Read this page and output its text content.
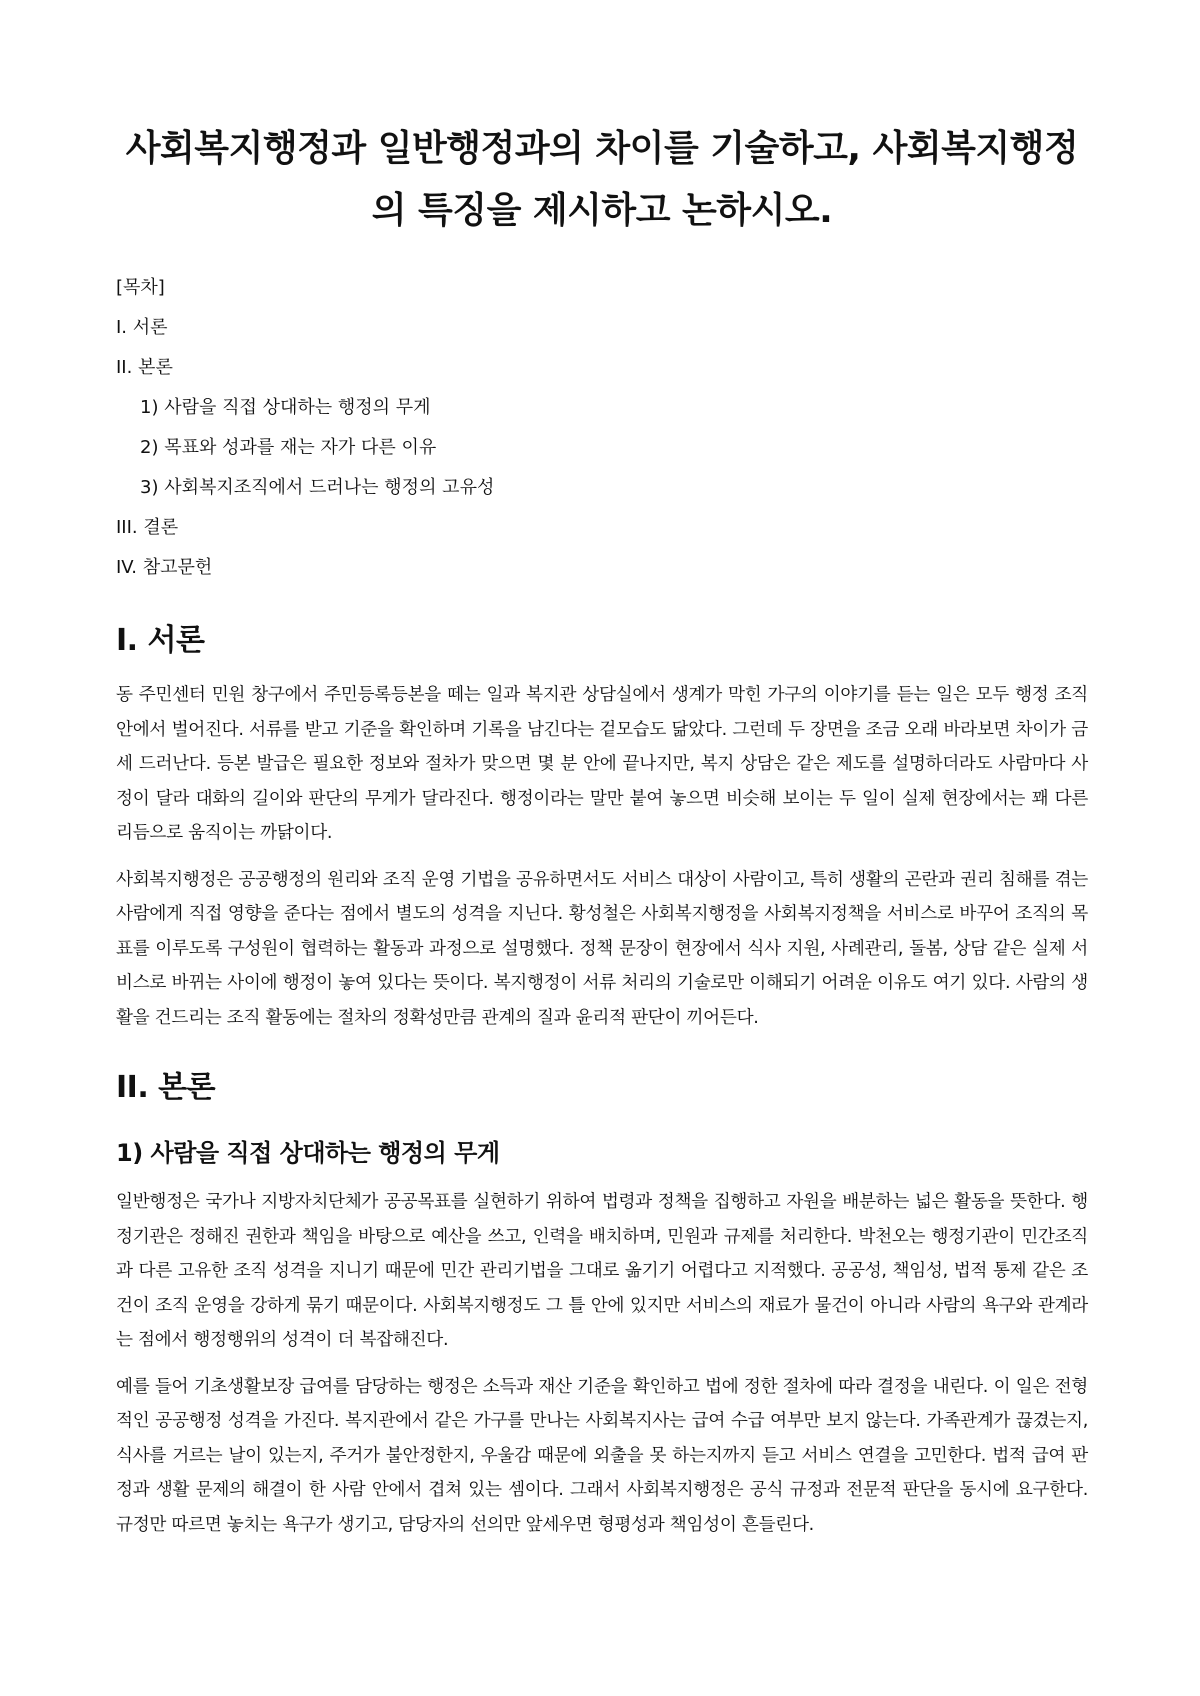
사회복지행정과 일반행정과의 차이를 기술하고, 사회복지행정의 특징을 제시하고 논하시오.
[목차]
I. 서론
II. 본론
1) 사람을 직접 상대하는 행정의 무게
2) 목표와 성과를 재는 자가 다른 이유
3) 사회복지조직에서 드러나는 행정의 고유성
III. 결론
IV. 참고문헌
I. 서론

동 주민센터 민원 창구에서 주민등록등본을 떼는 일과 복지관 상담실에서 생계가 막힌 가구의 이야기를 듣는 일은 모두 행정 조직 안에서 벌어진다. 서류를 받고 기준을 확인하며 기록을 남긴다는 겉모습도 닮았다. 그런데 두 장면을 조금 오래 바라보면 차이가 금세 드러난다. 등본 발급은 필요한 정보와 절차가 맞으면 몇 분 안에 끝나지만, 복지 상담은 같은 제도를 설명하더라도 사람마다 사정이 달라 대화의 길이와 판단의 무게가 달라진다. 행정이라는 말만 붙여 놓으면 비슷해 보이는 두 일이 실제 현장에서는 꽤 다른 리듬으로 움직이는 까닭이다.

사회복지행정은 공공행정의 원리와 조직 운영 기법을 공유하면서도 서비스 대상이 사람이고, 특히 생활의 곤란과 권리 침해를 겪는 사람에게 직접 영향을 준다는 점에서 별도의 성격을 지닌다. 황성철은 사회복지행정을 사회복지정책을 서비스로 바꾸어 조직의 목표를 이루도록 구성원이 협력하는 활동과 과정으로 설명했다. 정책 문장이 현장에서 식사 지원, 사례관리, 돌봄, 상담 같은 실제 서비스로 바뀌는 사이에 행정이 놓여 있다는 뜻이다. 복지행정이 서류 처리의 기술로만 이해되기 어려운 이유도 여기 있다. 사람의 생활을 건드리는 조직 활동에는 절차의 정확성만큼 관계의 질과 윤리적 판단이 끼어든다.

II. 본론
1) 사람을 직접 상대하는 행정의 무게

일반행정은 국가나 지방자치단체가 공공목표를 실현하기 위하여 법령과 정책을 집행하고 자원을 배분하는 넓은 활동을 뜻한다. 행정기관은 정해진 권한과 책임을 바탕으로 예산을 쓰고, 인력을 배치하며, 민원과 규제를 처리한다. 박천오는 행정기관이 민간조직과 다른 고유한 조직 성격을 지니기 때문에 민간 관리기법을 그대로 옮기기 어렵다고 지적했다. 공공성, 책임성, 법적 통제 같은 조건이 조직 운영을 강하게 묶기 때문이다. 사회복지행정도 그 틀 안에 있지만 서비스의 재료가 물건이 아니라 사람의 욕구와 관계라는 점에서 행정행위의 성격이 더 복잡해진다.

예를 들어 기초생활보장 급여를 담당하는 행정은 소득과 재산 기준을 확인하고 법에 정한 절차에 따라 결정을 내린다. 이 일은 전형적인 공공행정 성격을 가진다. 복지관에서 같은 가구를 만나는 사회복지사는 급여 수급 여부만 보지 않는다. 가족관계가 끊겼는지, 식사를 거르는 날이 있는지, 주거가 불안정한지, 우울감 때문에 외출을 못 하는지까지 듣고 서비스 연결을 고민한다. 법적 급여 판정과 생활 문제의 해결이 한 사람 안에서 겹쳐 있는 셈이다. 그래서 사회복지행정은 공식 규정과 전문적 판단을 동시에 요구한다. 규정만 따르면 놓치는 욕구가 생기고, 담당자의 선의만 앞세우면 형평성과 책임성이 흔들린다.
